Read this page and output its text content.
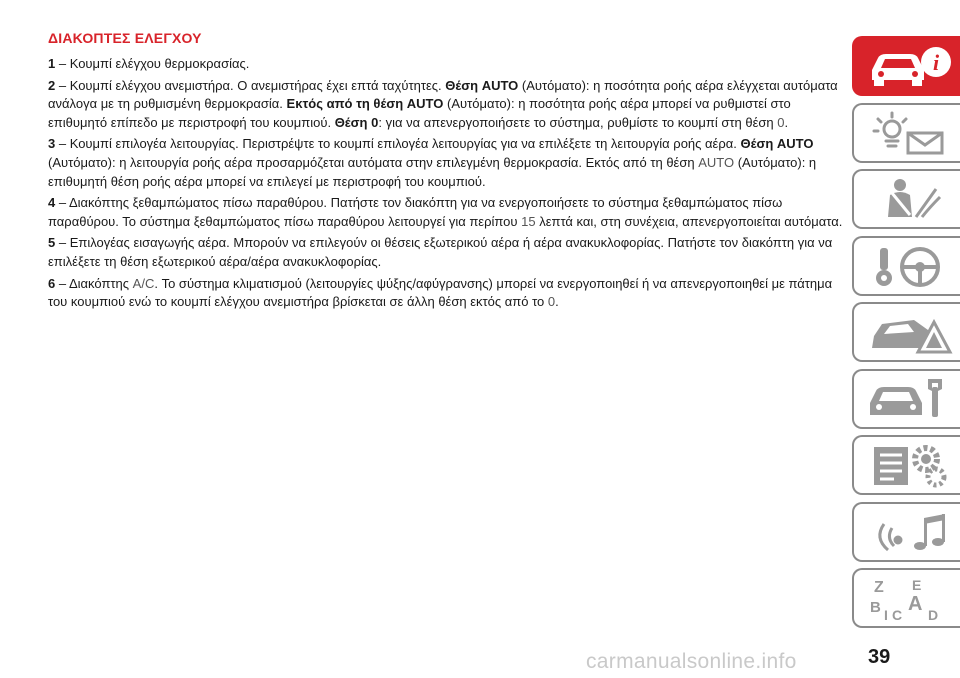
ΔΙΑΚΟΠΤΕΣ ΕΛΕΓΧΟΥ

1 – Κουμπί ελέγχου θερμοκρασίας.

2 – Κουμπί ελέγχου ανεμιστήρα. Ο ανεμιστήρας έχει επτά ταχύτητες. Θέση AUTO (Αυτόματο): η ποσότητα ροής αέρα ελέγχεται αυτόματα ανάλογα με τη ρυθμισμένη θερμοκρασία. Εκτός από τη θέση AUTO (Αυτόματο): η ποσότητα ροής αέρα μπορεί να ρυθμιστεί στο επιθυμητό επίπεδο με περιστροφή του κουμπιού. Θέση 0: για να απενεργοποιήσετε το σύστημα, ρυθμίστε το κουμπί στη θέση 0.

3 – Κουμπί επιλογέα λειτουργίας. Περιστρέψτε το κουμπί επιλογέα λειτουργίας για να επιλέξετε τη λειτουργία ροής αέρα. Θέση AUTO (Αυτόματο): η λειτουργία ροής αέρα προσαρμόζεται αυτόματα στην επιλεγμένη θερμοκρασία. Εκτός από τη θέση AUTO (Αυτόματο): η επιθυμητή θέση ροής αέρα μπορεί να επιλεγεί με περιστροφή του κουμπιού.

4 – Διακόπτης ξεθαμπώματος πίσω παραθύρου. Πατήστε τον διακόπτη για να ενεργοποιήσετε το σύστημα ξεθαμπώματος πίσω παραθύρου. Το σύστημα ξεθαμπώματος πίσω παραθύρου λειτουργεί για περίπου 15 λεπτά και, στη συνέχεια, απενεργοποιείται αυτόματα.

5 – Επιλογέας εισαγωγής αέρα. Μπορούν να επιλεγούν οι θέσεις εξωτερικού αέρα ή αέρα ανακυκλοφορίας. Πατήστε τον διακόπτη για να επιλέξετε τη θέση εξωτερικού αέρα/αέρα ανακυκλοφορίας.

6 – Διακόπτης A/C. Το σύστημα κλιματισμού (λειτουργίες ψύξης/αφύγρανσης) μπορεί να ενεργοποιηθεί ή να απενεργοποιηθεί με πάτημα του κουμπιού ενώ το κουμπί ελέγχου ανεμιστήρα βρίσκεται σε άλλη θέση εκτός από το 0.

i
Z E
B A
C D
I
carmanualsonline.info	39
